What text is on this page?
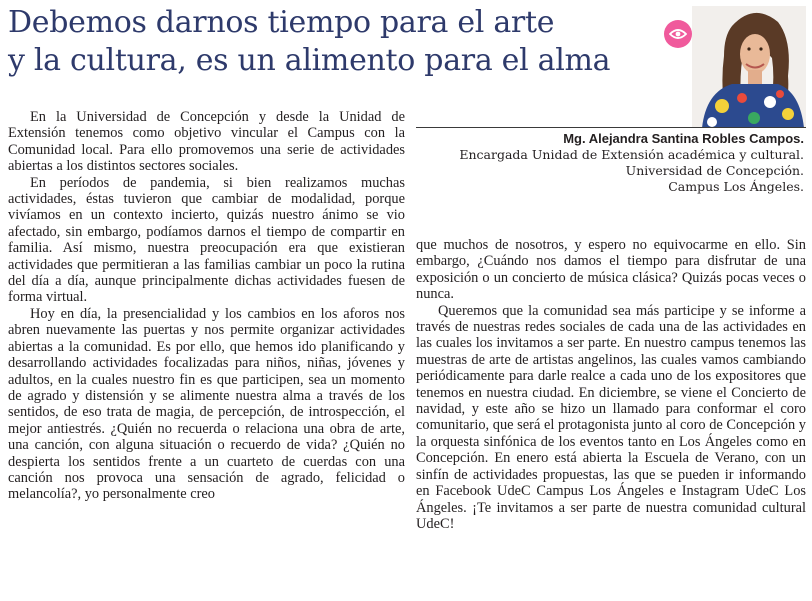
Debemos darnos tiempo para el arte
y la cultura, es un alimento para el alma
Mg. Alejandra Santina Robles Campos.
Encargada Unidad de Extensión académica y cultural.
Universidad de Concepción.
Campus Los Ángeles.

En la Universidad de Concepción y desde la Unidad de Extensión tenemos como objetivo vincular el Campus con la Comunidad local. Para ello promovemos una serie de actividades abiertas a los distintos sectores sociales.

En períodos de pandemia, si bien realizamos muchas actividades, éstas tuvieron que cambiar de modalidad, porque vivíamos en un contexto incierto, quizás nuestro ánimo se vio afectado, sin embargo, podíamos darnos el tiempo de compartir en familia. Así mismo, nuestra preocupación era que existieran actividades que permitieran a las familias cambiar un poco la rutina del día a día, aunque principalmente dichas actividades fuesen de forma virtual.

Hoy en día, la presencialidad y los cambios en los aforos nos abren nuevamente las puertas y nos permite organizar actividades abiertas a la comunidad. Es por ello, que hemos ido planificando y desarrollando actividades focalizadas para niños, niñas, jóvenes y adultos, en la cuales nuestro fin es que participen, sea un momento de agrado y distensión y se alimente nuestra alma a través de los sentidos, de eso trata de magia, de percepción, de introspección, el mejor antiestrés. ¿Quién no recuerda o relaciona una obra de arte, una canción, con alguna situación o recuerdo de vida? ¿Quién no despierta los sentidos frente a un cuarteto de cuerdas con una canción nos provoca una sensación de agrado, felicidad o melancolía?, yo personalmente creo

que muchos de nosotros, y espero no equivocarme en ello. Sin embargo, ¿Cuándo nos damos el tiempo para disfrutar de una exposición o un concierto de música clásica? Quizás pocas veces o nunca.

Queremos que la comunidad sea más participe y se informe a través de nuestras redes sociales de cada una de las actividades en las cuales los invitamos a ser parte. En nuestro campus tenemos las muestras de arte de artistas angelinos, las cuales vamos cambiando periódicamente para darle realce a cada uno de los expositores que tenemos en nuestra ciudad. En diciembre, se viene el Concierto de navidad, y este año se hizo un llamado para conformar el coro comunitario, que será el protagonista junto al coro de Concepción y la orquesta sinfónica de los eventos tanto en Los Ángeles como en Concepción. En enero está abierta la Escuela de Verano, con un sinfín de actividades propuestas, las que se pueden ir informando en Facebook UdeC Campus Los Ángeles e Instagram UdeC Los Ángeles. ¡Te invitamos a ser parte de nuestra comunidad cultural UdeC!
